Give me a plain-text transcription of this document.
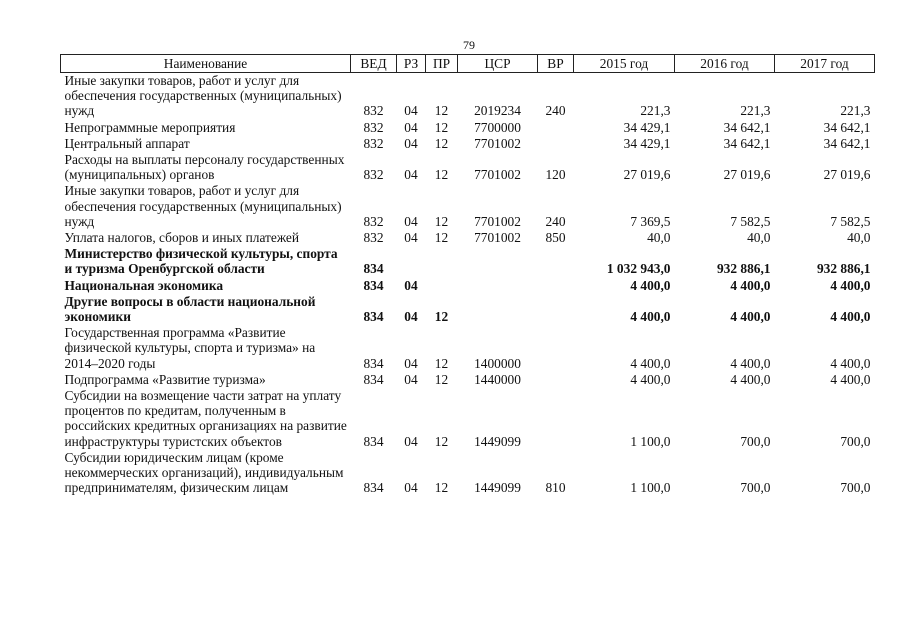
79
Наименование	ВЕД	РЗ	ПР	ЦСР	ВР	2015 год	2016 год	2017 год
Иные закупки товаров, работ и услуг для обеспечения государственных (муниципальных) нужд	832	04	12	2019234	240	221,3	221,3	221,3
Непрограммные мероприятия	832	04	12	7700000		34 429,1	34 642,1	34 642,1
Центральный аппарат	832	04	12	7701002		34 429,1	34 642,1	34 642,1
Расходы на выплаты персоналу государственных (муниципальных) органов	832	04	12	7701002	120	27 019,6	27 019,6	27 019,6
Иные закупки товаров, работ и услуг для обеспечения государственных (муниципальных) нужд	832	04	12	7701002	240	7 369,5	7 582,5	7 582,5
Уплата налогов, сборов и иных платежей	832	04	12	7701002	850	40,0	40,0	40,0
Министерство физической культуры, спорта и туризма Оренбургской области	834					1 032 943,0	932 886,1	932 886,1
Национальная экономика	834	04				4 400,0	4 400,0	4 400,0
Другие вопросы в области национальной экономики	834	04	12			4 400,0	4 400,0	4 400,0
Государственная программа «Развитие физической культуры, спорта и туризма» на 2014–2020 годы	834	04	12	1400000		4 400,0	4 400,0	4 400,0
Подпрограмма «Развитие туризма»	834	04	12	1440000		4 400,0	4 400,0	4 400,0
Субсидии на возмещение части затрат на уплату процентов по кредитам, полученным в российских кредитных организациях на развитие инфраструктуры туристских объектов	834	04	12	1449099		1 100,0	700,0	700,0
Субсидии юридическим лицам (кроме некоммерческих организаций), индивидуальным предпринимателям, физическим лицам	834	04	12	1449099	810	1 100,0	700,0	700,0
